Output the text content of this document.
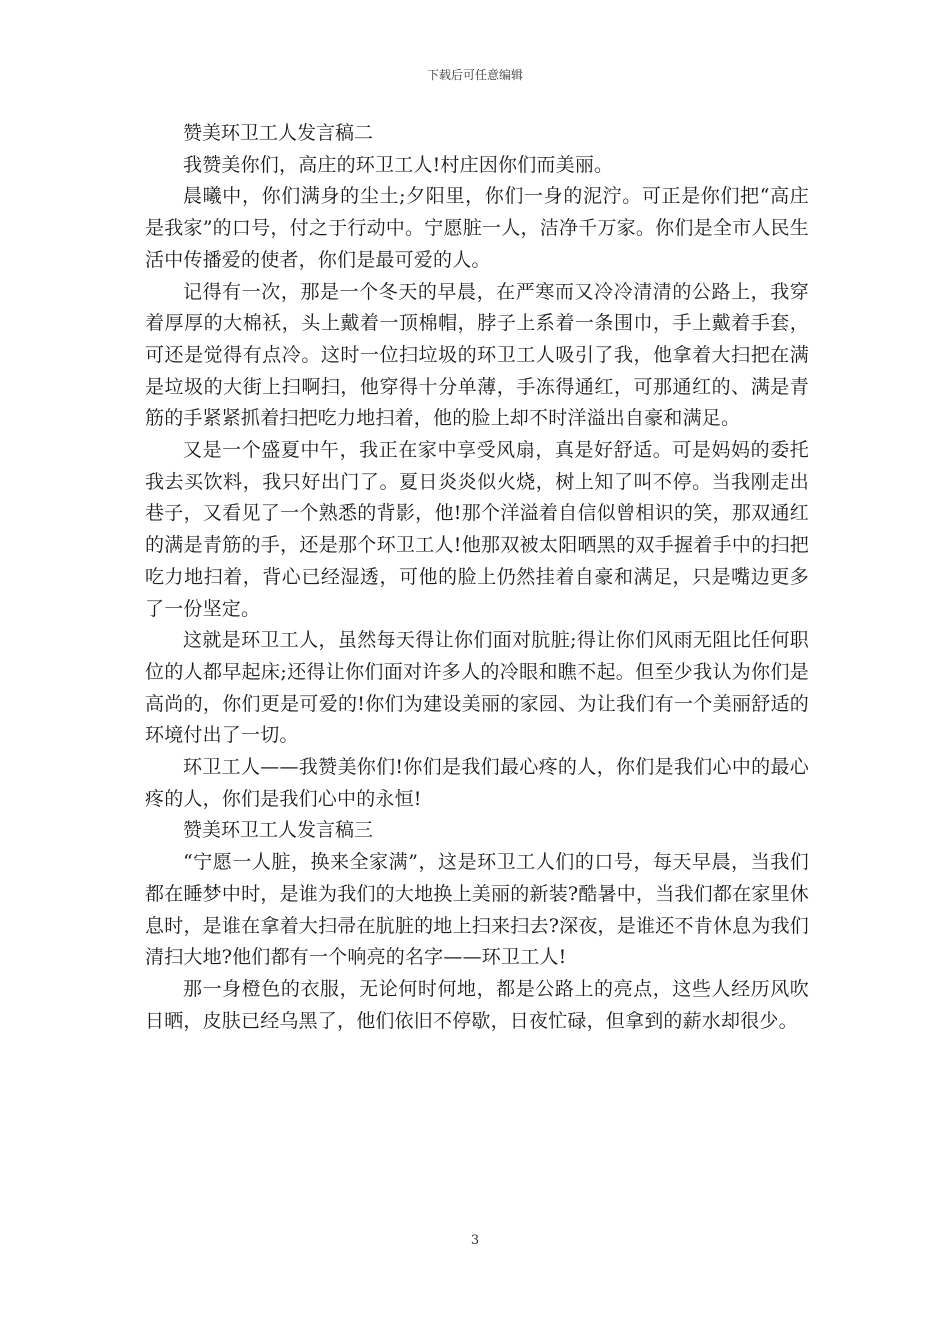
下载后可任意编辑

赞美环卫工人发言稿二

我赞美你们，高庄的环卫工人!村庄因你们而美丽。

晨曦中，你们满身的尘土;夕阳里，你们一身的泥泞。可正是你们把“高庄是我家”的口号，付之于行动中。宁愿脏一人，洁净千万家。你们是全市人民生活中传播爱的使者，你们是最可爱的人。

记得有一次，那是一个冬天的早晨，在严寒而又冷冷清清的公路上，我穿着厚厚的大棉袄，头上戴着一顶棉帽，脖子上系着一条围巾，手上戴着手套，可还是觉得有点冷。这时一位扫垃圾的环卫工人吸引了我，他拿着大扫把在满是垃圾的大街上扫啊扫，他穿得十分单薄，手冻得通红，可那通红的、满是青筋的手紧紧抓着扫把吃力地扫着，他的脸上却不时洋溢出自豪和满足。

又是一个盛夏中午，我正在家中享受风扇，真是好舒适。可是妈妈的委托我去买饮料，我只好出门了。夏日炎炎似火烧，树上知了叫不停。当我刚走出巷子，又看见了一个熟悉的背影，他!那个洋溢着自信似曾相识的笑，那双通红的满是青筋的手，还是那个环卫工人!他那双被太阳晒黑的双手握着手中的扫把吃力地扫着，背心已经湿透，可他的脸上仍然挂着自豪和满足，只是嘴边更多了一份坚定。

这就是环卫工人，虽然每天得让你们面对肮脏;得让你们风雨无阻比任何职位的人都早起床;还得让你们面对许多人的冷眼和瞧不起。但至少我认为你们是高尚的，你们更是可爱的!你们为建设美丽的家园、为让我们有一个美丽舒适的环境付出了一切。

环卫工人——我赞美你们!你们是我们最心疼的人，你们是我们心中的最心疼的人，你们是我们心中的永恒!

赞美环卫工人发言稿三

“宁愿一人脏，换来全家满”，这是环卫工人们的口号，每天早晨，当我们都在睡梦中时，是谁为我们的大地换上美丽的新装?酷暑中，当我们都在家里休息时，是谁在拿着大扫帚在肮脏的地上扫来扫去?深夜，是谁还不肯休息为我们清扫大地?他们都有一个响亮的名字——环卫工人!

那一身橙色的衣服，无论何时何地，都是公路上的亮点，这些人经历风吹日晒，皮肤已经乌黑了，他们依旧不停歇，日夜忙碌，但拿到的薪水却很少。

3
